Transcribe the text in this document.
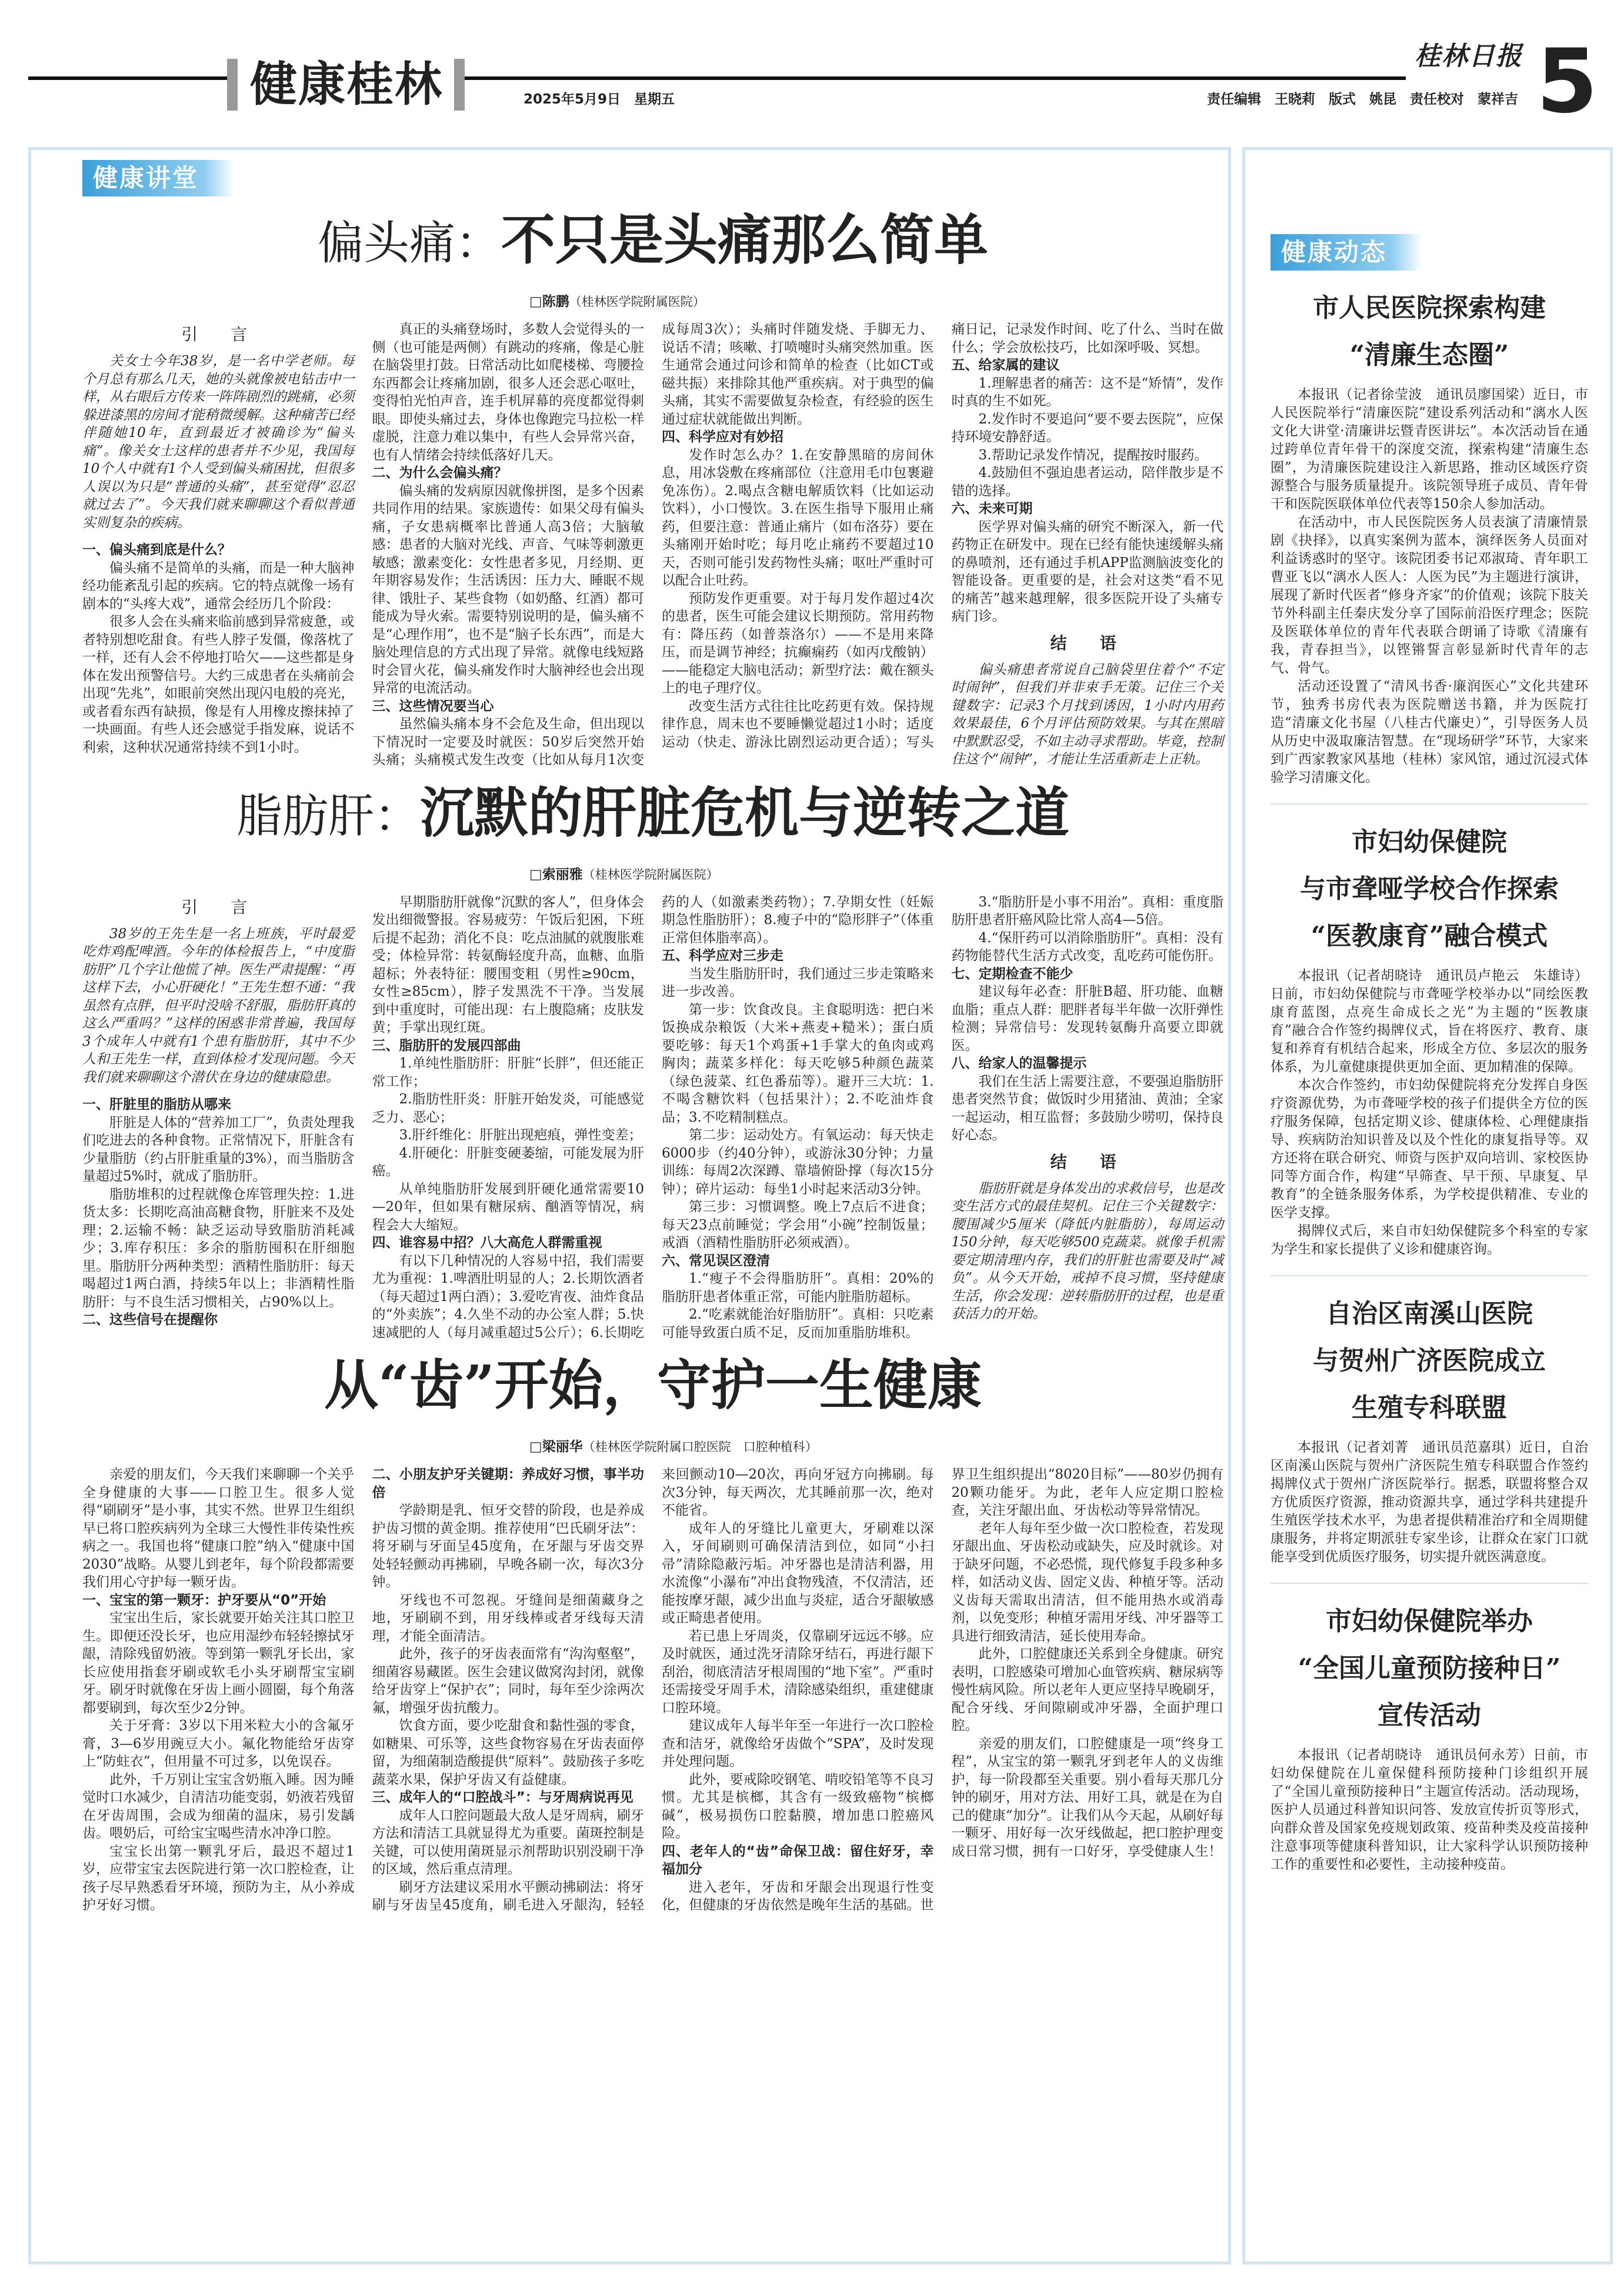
健康桂林	2025年5月9日　星期五	责任编辑　王晓莉　版式　姚昆　责任校对　蒙祥吉
桂林日报 5
健康讲堂
偏头痛：不只是头痛那么简单
□陈鹏（桂林医学院附属医院）

引　言

关女士今年38岁，是一名中学老师。每个月总有那么几天，她的头就像被电钻击中一样，从右眼后方传来一阵阵剧烈的跳痛，必须躲进漆黑的房间才能稍微缓解。这种痛苦已经伴随她10年，直到最近才被确诊为“偏头痛”。像关女士这样的患者并不少见，我国每10个人中就有1个人受到偏头痛困扰，但很多人误以为只是“普通的头痛”，甚至觉得“忍忍就过去了”。今天我们就来聊聊这个看似普通实则复杂的疾病。

一、偏头痛到底是什么？

偏头痛不是简单的头痛，而是一种大脑神经功能紊乱引起的疾病。它的特点就像一场有剧本的“头疼大戏”，通常会经历几个阶段：

很多人会在头痛来临前感到异常疲惫，或者特别想吃甜食。有些人脖子发僵，像落枕了一样，还有人会不停地打哈欠——这些都是身体在发出预警信号。大约三成患者在头痛前会出现“先兆”，如眼前突然出现闪电般的亮光，或者看东西有缺损，像是有人用橡皮擦抹掉了一块画面。有些人还会感觉手指发麻，说话不利索，这种状况通常持续不到1小时。

真正的头痛登场时，多数人会觉得头的一侧（也可能是两侧）有跳动的疼痛，像是心脏在脑袋里打鼓。日常活动比如爬楼梯、弯腰捡东西都会让疼痛加剧，很多人还会恶心呕吐，变得怕光怕声音，连手机屏幕的亮度都觉得刺眼。即使头痛过去，身体也像跑完马拉松一样虚脱，注意力难以集中，有些人会异常兴奋，也有人情绪会持续低落好几天。

二、为什么会偏头痛？

偏头痛的发病原因就像拼图，是多个因素共同作用的结果。家族遗传：如果父母有偏头痛，子女患病概率比普通人高3倍；大脑敏感：患者的大脑对光线、声音、气味等刺激更敏感；激素变化：女性患者多见，月经期、更年期容易发作；生活诱因：压力大、睡眠不规律、饿肚子、某些食物（如奶酪、红酒）都可能成为导火索。需要特别说明的是，偏头痛不是“心理作用”，也不是“脑子长东西”，而是大脑处理信息的方式出现了异常。就像电线短路时会冒火花，偏头痛发作时大脑神经也会出现异常的电流活动。

三、这些情况要当心

虽然偏头痛本身不会危及生命，但出现以下情况时一定要及时就医：50岁后突然开始头痛；头痛模式发生改变（比如从每月1次变成每周3次）；头痛时伴随发烧、手脚无力、说话不清；咳嗽、打喷嚏时头痛突然加重。医生通常会通过问诊和简单的检查（比如CT或磁共振）来排除其他严重疾病。对于典型的偏头痛，其实不需要做复杂检查，有经验的医生通过症状就能做出判断。

四、科学应对有妙招

发作时怎么办？1.在安静黑暗的房间休息，用冰袋敷在疼痛部位（注意用毛巾包裹避免冻伤）。2.喝点含糖电解质饮料（比如运动饮料），小口慢饮。3.在医生指导下服用止痛药，但要注意：普通止痛片（如布洛芬）要在头痛刚开始时吃；每月吃止痛药不要超过10天，否则可能引发药物性头痛；呕吐严重时可以配合止吐药。

预防发作更重要。对于每月发作超过4次的患者，医生可能会建议长期预防。常用药物有：降压药（如普萘洛尔）——不是用来降压，而是调节神经；抗癫痫药（如丙戊酸钠）——能稳定大脑电活动；新型疗法：戴在额头上的电子理疗仪。

改变生活方式往往比吃药更有效。保持规律作息，周末也不要睡懒觉超过1小时；适度运动（快走、游泳比剧烈运动更合适）；写头痛日记，记录发作时间、吃了什么、当时在做什么；学会放松技巧，比如深呼吸、冥想。

五、给家属的建议

1.理解患者的痛苦：这不是“矫情”，发作时真的生不如死。

2.发作时不要追问“要不要去医院”，应保持环境安静舒适。

3.帮助记录发作情况，提醒按时服药。

4.鼓励但不强迫患者运动，陪伴散步是不错的选择。

六、未来可期

医学界对偏头痛的研究不断深入，新一代药物正在研发中。现在已经有能快速缓解头痛的鼻喷剂，还有通过手机APP监测脑波变化的智能设备。更重要的是，社会对这类“看不见的痛苦”越来越理解，很多医院开设了头痛专病门诊。

结　语

偏头痛患者常说自己脑袋里住着个“不定时闹钟”，但我们并非束手无策。记住三个关键数字：记录3个月找到诱因，1小时内用药效果最佳，6个月评估预防效果。与其在黑暗中默默忍受，不如主动寻求帮助。毕竟，控制住这个“闹钟”，才能让生活重新走上正轨。

脂肪肝：沉默的肝脏危机与逆转之道
□索丽雅（桂林医学院附属医院）

引　言

38岁的王先生是一名上班族，平时最爱吃炸鸡配啤酒。今年的体检报告上，“中度脂肪肝”几个字让他慌了神。医生严肃提醒：“再这样下去，小心肝硬化！”王先生想不通：“我虽然有点胖，但平时没啥不舒服，脂肪肝真的这么严重吗？”这样的困惑非常普遍，我国每3个成年人中就有1个患有脂肪肝，其中不少人和王先生一样，直到体检才发现问题。今天我们就来聊聊这个潜伏在身边的健康隐患。

一、肝脏里的脂肪从哪来

肝脏是人体的“营养加工厂”，负责处理我们吃进去的各种食物。正常情况下，肝脏含有少量脂肪（约占肝脏重量的3%），而当脂肪含量超过5%时，就成了脂肪肝。

脂肪堆积的过程就像仓库管理失控：1.进货太多：长期吃高油高糖食物，肝脏来不及处理；2.运输不畅：缺乏运动导致脂肪消耗减少；3.库存积压：多余的脂肪囤积在肝细胞里。脂肪肝分两种类型：酒精性脂肪肝：每天喝超过1两白酒，持续5年以上；非酒精性脂肪肝：与不良生活习惯相关，占90%以上。

二、这些信号在提醒你

早期脂肪肝就像“沉默的客人”，但身体会发出细微警报。容易疲劳：午饭后犯困，下班后提不起劲；消化不良：吃点油腻的就腹胀难受；体检异常：转氨酶轻度升高，血糖、血脂超标；外表特征：腰围变粗（男性≥90cm，女性≥85cm），脖子发黑洗不干净。当发展到中重度时，可能出现：右上腹隐痛；皮肤发黄；手掌出现红斑。

三、脂肪肝的发展四部曲

1.单纯性脂肪肝：肝脏“长胖”，但还能正常工作；

2.脂肪性肝炎：肝脏开始发炎，可能感觉乏力、恶心；

3.肝纤维化：肝脏出现疤痕，弹性变差；

4.肝硬化：肝脏变硬萎缩，可能发展为肝癌。

从单纯脂肪肝发展到肝硬化通常需要10—20年，但如果有糖尿病、酗酒等情况，病程会大大缩短。

四、谁容易中招？八大高危人群需重视

有以下几种情况的人容易中招，我们需要尤为重视：1.啤酒肚明显的人；2.长期饮酒者（每天超过1两白酒）；3.爱吃宵夜、油炸食品的“外卖族”；4.久坐不动的办公室人群；5.快速减肥的人（每月减重超过5公斤）；6.长期吃药的人（如激素类药物）；7.孕期女性（妊娠期急性脂肪肝）；8.瘦子中的“隐形胖子”（体重正常但体脂率高）。

五、科学应对三步走

当发生脂肪肝时，我们通过三步走策略来进一步改善。

第一步：饮食改良。主食聪明选：把白米饭换成杂粮饭（大米+燕麦+糙米）；蛋白质要吃够：每天1个鸡蛋+1手掌大的鱼肉或鸡胸肉；蔬菜多样化：每天吃够5种颜色蔬菜（绿色菠菜、红色番茄等）。避开三大坑：1.不喝含糖饮料（包括果汁）；2.不吃油炸食品；3.不吃精制糕点。

第二步：运动处方。有氧运动：每天快走6000步（约40分钟），或游泳30分钟；力量训练：每周2次深蹲、靠墙俯卧撑（每次15分钟）；碎片运动：每坐1小时起来活动3分钟。

第三步：习惯调整。晚上7点后不进食；每天23点前睡觉；学会用“小碗”控制饭量；戒酒（酒精性脂肪肝必须戒酒）。

六、常见误区澄清

1.“瘦子不会得脂肪肝”。真相：20%的脂肪肝患者体重正常，可能内脏脂肪超标。

2.“吃素就能治好脂肪肝”。真相：只吃素可能导致蛋白质不足，反而加重脂肪堆积。

3.“脂肪肝是小事不用治”。真相：重度脂肪肝患者肝癌风险比常人高4—5倍。

4.“保肝药可以消除脂肪肝”。真相：没有药物能替代生活方式改变，乱吃药可能伤肝。

七、定期检查不能少

建议每年必查：肝脏B超、肝功能、血糖血脂；重点人群：肥胖者每半年做一次肝弹性检测；异常信号：发现转氨酶升高要立即就医。

八、给家人的温馨提示

我们在生活上需要注意，不要强迫脂肪肝患者突然节食；做饭时少用猪油、黄油；全家一起运动，相互监督；多鼓励少唠叨，保持良好心态。

结　语

脂肪肝就是身体发出的求救信号，也是改变生活方式的最佳契机。记住三个关键数字：腰围减少5厘米（降低内脏脂肪），每周运动150分钟，每天吃够500克蔬菜。就像手机需要定期清理内存，我们的肝脏也需要及时“减负”。从今天开始，戒掉不良习惯，坚持健康生活，你会发现：逆转脂肪肝的过程，也是重获活力的开始。

从“齿”开始，守护一生健康
□梁丽华（桂林医学院附属口腔医院　口腔种植科）

亲爱的朋友们，今天我们来聊聊一个关乎全身健康的大事——口腔卫生。很多人觉得“刷刷牙”是小事，其实不然。世界卫生组织早已将口腔疾病列为全球三大慢性非传染性疾病之一。我国也将“健康口腔”纳入“健康中国2030”战略。从婴儿到老年，每个阶段都需要我们用心守护每一颗牙齿。

一、宝宝的第一颗牙：护牙要从“0”开始

宝宝出生后，家长就要开始关注其口腔卫生。即便还没长牙，也应用湿纱布轻轻擦拭牙龈，清除残留奶液。等到第一颗乳牙长出，家长应使用指套牙刷或软毛小头牙刷帮宝宝刷牙。刷牙时就像在牙齿上画小圆圈，每个角落都要刷到，每次至少2分钟。

关于牙膏：3岁以下用米粒大小的含氟牙膏，3—6岁用豌豆大小。氟化物能给牙齿穿上“防蛀衣”，但用量不可过多，以免误吞。

此外，千万别让宝宝含奶瓶入睡。因为睡觉时口水减少，自清洁功能变弱，奶液若残留在牙齿周围，会成为细菌的温床，易引发龋齿。喂奶后，可给宝宝喝些清水冲净口腔。

宝宝长出第一颗乳牙后，最迟不超过1岁，应带宝宝去医院进行第一次口腔检查，让孩子尽早熟悉看牙环境，预防为主，从小养成护牙好习惯。

二、小朋友护牙关键期：养成好习惯，事半功倍

学龄期是乳、恒牙交替的阶段，也是养成护齿习惯的黄金期。推荐使用“巴氏刷牙法”：将牙刷与牙面呈45度角，在牙龈与牙齿交界处轻轻颤动再拂刷，早晚各刷一次，每次3分钟。

牙线也不可忽视。牙缝间是细菌藏身之地，牙刷刷不到，用牙线棒或者牙线每天清理，才能全面清洁。

此外，孩子的牙齿表面常有“沟沟壑壑”，细菌容易藏匿。医生会建议做窝沟封闭，就像给牙齿穿上“保护衣”；同时，每年至少涂两次氟，增强牙齿抗酸力。

饮食方面，要少吃甜食和黏性强的零食，如糖果、可乐等，这些食物容易在牙齿表面停留，为细菌制造酸提供“原料”。鼓励孩子多吃蔬菜水果，保护牙齿又有益健康。

三、成年人的“口腔战斗”：与牙周病说再见

成年人口腔问题最大敌人是牙周病，刷牙方法和清洁工具就显得尤为重要。菌斑控制是关键，可以使用菌斑显示剂帮助识别没刷干净的区域，然后重点清理。

刷牙方法建议采用水平颤动拂刷法：将牙刷与牙齿呈45度角，刷毛进入牙龈沟，轻轻来回颤动10—20次，再向牙冠方向拂刷。每次3分钟，每天两次，尤其睡前那一次，绝对不能省。

成年人的牙缝比儿童更大，牙刷难以深入，牙间刷则可确保清洁到位，如同“小扫帚”清除隐蔽污垢。冲牙器也是清洁利器，用水流像“小瀑布”冲出食物残渣，不仅清洁，还能按摩牙龈，减少出血与炎症，适合牙龈敏感或正畸患者使用。

若已患上牙周炎，仅靠刷牙远远不够。应及时就医，通过洗牙清除牙结石，再进行龈下刮治，彻底清洁牙根周围的“地下室”。严重时还需接受牙周手术，清除感染组织，重建健康口腔环境。

建议成年人每半年至一年进行一次口腔检查和洁牙，就像给牙齿做个“SPA”，及时发现并处理问题。

此外，要戒除咬钢笔、啃咬铅笔等不良习惯。尤其是槟榔，其含有一级致癌物“槟榔碱”，极易损伤口腔黏膜，增加患口腔癌风险。

四、老年人的“齿”命保卫战：留住好牙，幸福加分

进入老年，牙齿和牙龈会出现退行性变化，但健康的牙齿依然是晚年生活的基础。世界卫生组织提出“8020目标”——80岁仍拥有20颗功能牙。为此，老年人应定期口腔检查，关注牙龈出血、牙齿松动等异常情况。

老年人每年至少做一次口腔检查，若发现牙龈出血、牙齿松动或缺失，应及时就诊。对于缺牙问题，不必恐慌，现代修复手段多种多样，如活动义齿、固定义齿、种植牙等。活动义齿每天需取出清洁，但不能用热水或消毒剂，以免变形；种植牙需用牙线、冲牙器等工具进行细致清洁，延长使用寿命。

此外，口腔健康还关系到全身健康。研究表明，口腔感染可增加心血管疾病、糖尿病等慢性病风险。所以老年人更应坚持早晚刷牙，配合牙线、牙间隙刷或冲牙器，全面护理口腔。

亲爱的朋友们，口腔健康是一项“终身工程”，从宝宝的第一颗乳牙到老年人的义齿维护，每一阶段都至关重要。别小看每天那几分钟的刷牙，用对方法、用好工具，就是在为自己的健康“加分”。让我们从今天起，从刷好每一颗牙、用好每一次牙线做起，把口腔护理变成日常习惯，拥有一口好牙，享受健康人生！

健康动态
市人民医院探索构建
“清廉生态圈”

本报讯（记者徐莹波　通讯员廖国梁）近日，市人民医院举行“清廉医院”建设系列活动和“漓水人医文化大讲堂·清廉讲坛暨青医讲坛”。本次活动旨在通过跨单位青年骨干的深度交流，探索构建“清廉生态圈”，为清廉医院建设注入新思路，推动区域医疗资源整合与服务质量提升。该院领导班子成员、青年骨干和医院医联体单位代表等150余人参加活动。

在活动中，市人民医院医务人员表演了清廉情景剧《抉择》，以真实案例为蓝本，演绎医务人员面对利益诱惑时的坚守。该院团委书记邓淑琦、青年职工曹亚飞以“漓水人医人：人医为民”为主题进行演讲，展现了新时代医者“修身齐家”的价值观；该院下肢关节外科副主任秦庆发分享了国际前沿医疗理念；医院及医联体单位的青年代表联合朗诵了诗歌《清廉有我，青春担当》，以铿锵誓言彰显新时代青年的志气、骨气。

活动还设置了“清风书香·廉润医心”文化共建环节，独秀书房代表为医院赠送书籍，并为医院打造“清廉文化书屋（八桂古代廉史）”，引导医务人员从历史中汲取廉洁智慧。在“现场研学”环节，大家来到广西家教家风基地（桂林）家风馆，通过沉浸式体验学习清廉文化。

市妇幼保健院
与市聋哑学校合作探索
“医教康育”融合模式

本报讯（记者胡晓诗　通讯员卢艳云　朱雄诗）日前，市妇幼保健院与市聋哑学校举办以“同绘医教康育蓝图，点亮生命成长之光”为主题的“医教康育”融合合作签约揭牌仪式，旨在将医疗、教育、康复和养育有机结合起来，形成全方位、多层次的服务体系，为儿童健康提供更加全面、更加精准的保障。

本次合作签约，市妇幼保健院将充分发挥自身医疗资源优势，为市聋哑学校的孩子们提供全方位的医疗服务保障，包括定期义诊、健康体检、心理健康指导、疾病防治知识普及以及个性化的康复指导等。双方还将在联合研究、师资与医护双向培训、家校医协同等方面合作，构建“早筛查、早干预、早康复、早教育”的全链条服务体系，为学校提供精准、专业的医学支撑。

揭牌仪式后，来自市妇幼保健院多个科室的专家为学生和家长提供了义诊和健康咨询。

自治区南溪山医院
与贺州广济医院成立
生殖专科联盟

本报讯（记者刘菁　通讯员范嘉琪）近日，自治区南溪山医院与贺州广济医院生殖专科联盟合作签约揭牌仪式于贺州广济医院举行。据悉，联盟将整合双方优质医疗资源，推动资源共享，通过学科共建提升生殖医学技术水平，为患者提供精准治疗和全周期健康服务，并将定期派驻专家坐诊，让群众在家门口就能享受到优质医疗服务，切实提升就医满意度。

市妇幼保健院举办
“全国儿童预防接种日”
宣传活动

本报讯（记者胡晓诗　通讯员何永芳）日前，市妇幼保健院在儿童保健科预防接种门诊组织开展了“全国儿童预防接种日”主题宣传活动。活动现场，医护人员通过科普知识问答、发放宣传折页等形式，向群众普及国家免疫规划政策、疫苗种类及疫苗接种注意事项等健康科普知识，让大家科学认识预防接种工作的重要性和必要性，主动接种疫苗。
